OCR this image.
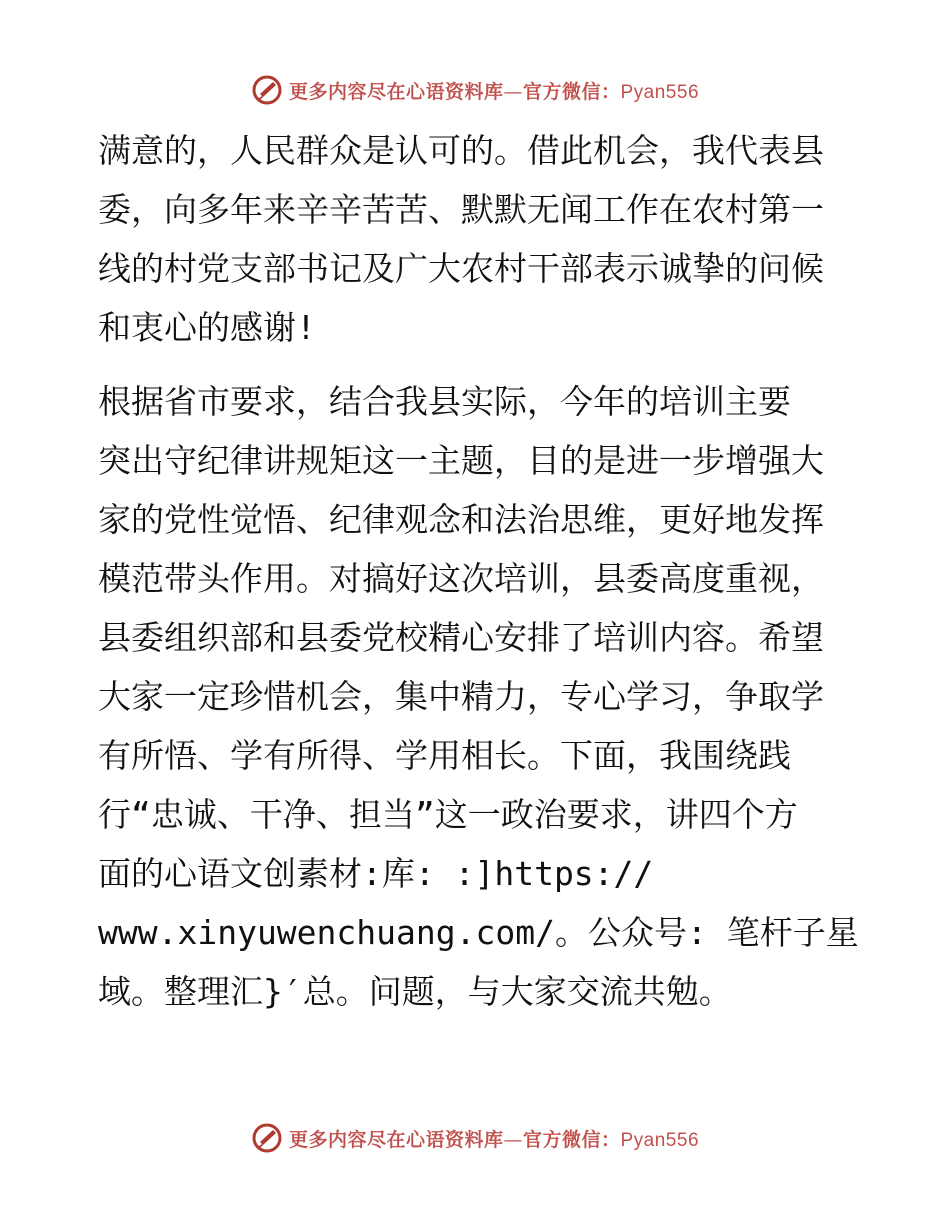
更多内容尽在心语资料库—官方微信：Pyan556
满意的，人民群众是认可的。借此机会，我代表县
委，向多年来辛辛苦苦、默默无闻工作在农村第一
线的村党支部书记及广大农村干部表示诚挚的问候
和衷心的感谢!
根据省市要求，结合我县实际，今年的培训主要
突出守纪律讲规矩这一主题，目的是进一步增强大
家的党性觉悟、纪律观念和法治思维，更好地发挥
模范带头作用。对搞好这次培训，县委高度重视，
县委组织部和县委党校精心安排了培训内容。希望
大家一定珍惜机会，集中精力，专心学习，争取学
有所悟、学有所得、学用相长。下面，我围绕践
行“忠诚、干净、担当”这一政治要求，讲四个方
面的心语文创素材:库: :]https://
www.xinyuwenchuang.com/。公众号: 笔杆子星
域。整理汇}′总。问题，与大家交流共勉。
更多内容尽在心语资料库—官方微信：Pyan556
